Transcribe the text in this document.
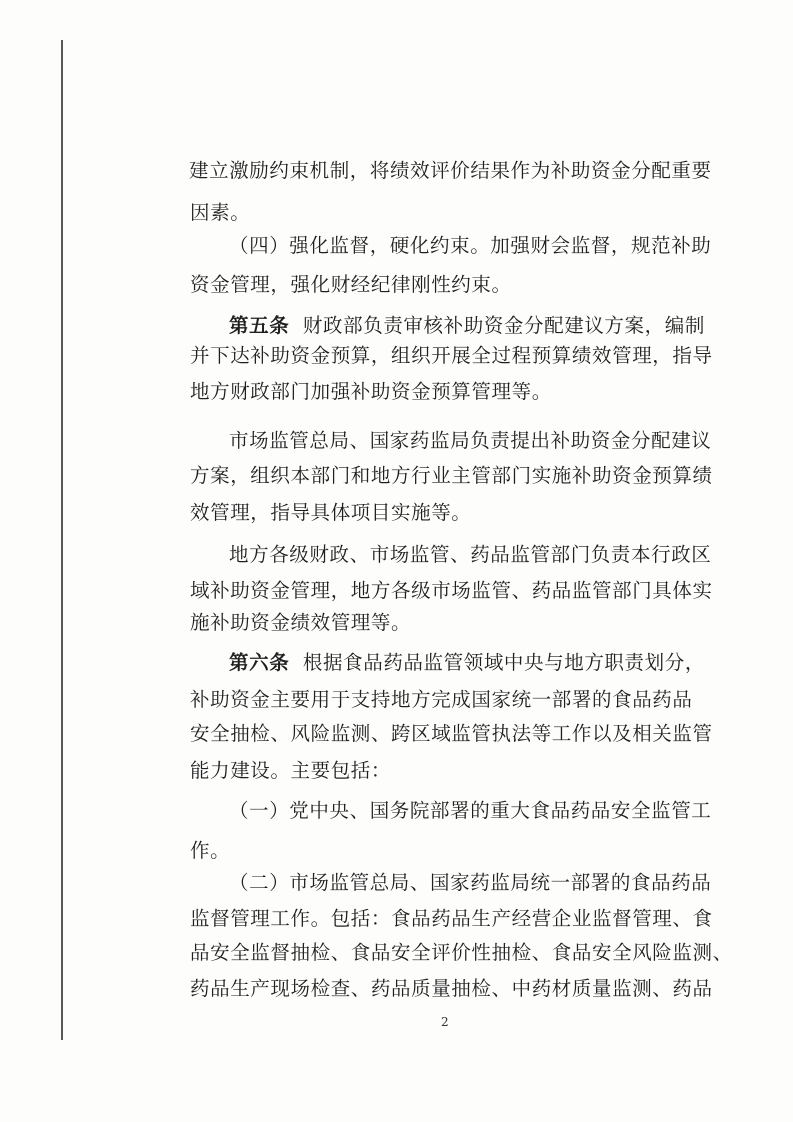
建立激励约束机制，将绩效评价结果作为补助资金分配重要
因素。
（四）强化监督，硬化约束。加强财会监督，规范补助
资金管理，强化财经纪律刚性约束。
第五条 财政部负责审核补助资金分配建议方案，编制
并下达补助资金预算，组织开展全过程预算绩效管理，指导
地方财政部门加强补助资金预算管理等。
市场监管总局、国家药监局负责提出补助资金分配建议
方案，组织本部门和地方行业主管部门实施补助资金预算绩
效管理，指导具体项目实施等。
地方各级财政、市场监管、药品监管部门负责本行政区
域补助资金管理，地方各级市场监管、药品监管部门具体实
施补助资金绩效管理等。
第六条 根据食品药品监管领域中央与地方职责划分，
补助资金主要用于支持地方完成国家统一部署的食品药品
安全抽检、风险监测、跨区域监管执法等工作以及相关监管
能力建设。主要包括：
（一）党中央、国务院部署的重大食品药品安全监管工
作。
（二）市场监管总局、国家药监局统一部署的食品药品
监督管理工作。包括：食品药品生产经营企业监督管理、食
品安全监督抽检、食品安全评价性抽检、食品安全风险监测、
药品生产现场检查、药品质量抽检、中药材质量监测、药品
2
